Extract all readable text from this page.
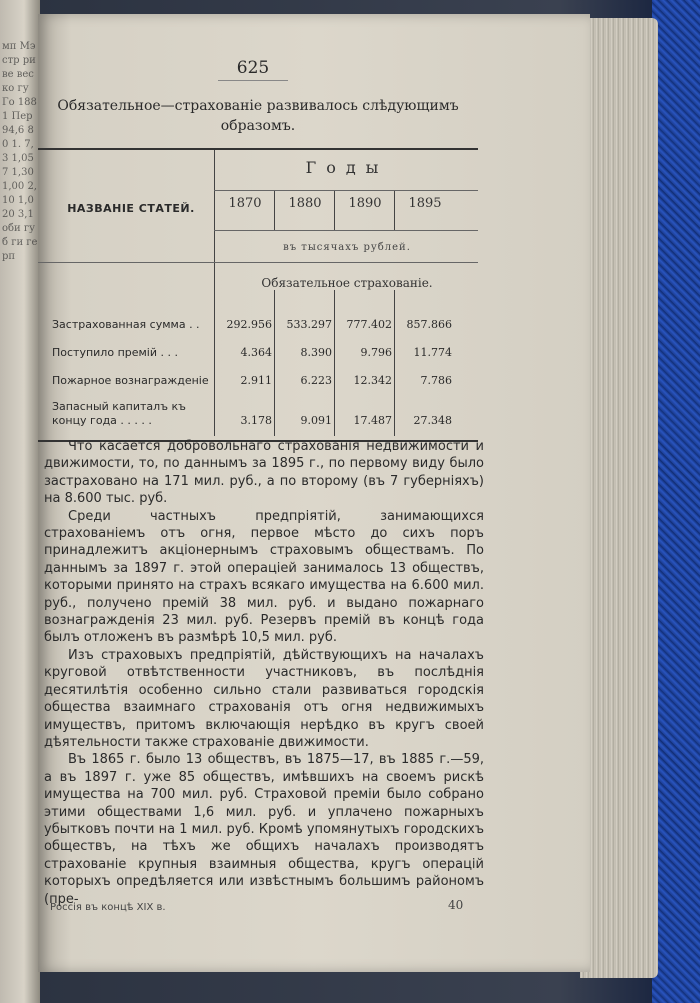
мп Мэ стр ри ве вес ко гу Го 188 1 Пер 94,6 80 1. 7,3 1,057 1,30 1,00 2,10 1,020 3,1 оби губ ги герп
625
Обязательное—страхованiе развивалось слѣдующимъ образомъ.
НАЗВАНIЕ СТАТЕЙ.
Годы
1870	1880	1890	1895
въ тысячахъ рублей.
Обязательное страхованiе.
Застрахованная сумма . .	292.956	533.297	777.402	857.866
Поступило премiй . . .	4.364	8.390	9.796	11.774
Пожарное вознагражденiе	2.911	6.223	12.342	7.786
Запасный капиталъ къ концу года . . . . .	3.178	9.091	17.487	27.348

Что касается добровольнаго страхованiя недвижимости и движимости, то, по даннымъ за 1895 г., по первому виду было застраховано на 171 мил. руб., а по второму (въ 7 губернiяхъ) на 8.600 тыс. руб.

Среди частныхъ предпрiятiй, занимающихся страхованiемъ отъ огня, первое мѣсто до сихъ поръ принадлежитъ акцiонернымъ страховымъ обществамъ. По даннымъ за 1897 г. этой операцiей занималось 13 обществъ, которыми принято на страхъ всякаго имущества на 6.600 мил. руб., получено премiй 38 мил. руб. и выдано пожарнаго вознагражденiя 23 мил. руб. Резервъ премiй въ концѣ года былъ отложенъ въ размѣрѣ 10,5 мил. руб.

Изъ страховыхъ предпрiятiй, дѣйствующихъ на началахъ круговой отвѣтственности участниковъ, въ послѣднiя десятилѣтiя особенно сильно стали развиваться городскiя общества взаимнаго страхованiя отъ огня недвижимыхъ имуществъ, притомъ включающiя нерѣдко въ кругъ своей дѣятельности также страхованiе движимости.

Въ 1865 г. было 13 обществъ, въ 1875—17, въ 1885 г.—59, а въ 1897 г. уже 85 обществъ, имѣвшихъ на своемъ рискѣ имущества на 700 мил. руб. Страховой премiи было собрано этими обществами 1,6 мил. руб. и уплачено пожарныхъ убытковъ почти на 1 мил. руб. Кромѣ упомянутыхъ городскихъ обществъ, на тѣхъ же общихъ началахъ производятъ страхованiе крупныя взаимныя общества, кругъ операцiй которыхъ опредѣляется или извѣстнымъ большимъ райономъ (пре-

Россія въ концѣ XIX в.	40
